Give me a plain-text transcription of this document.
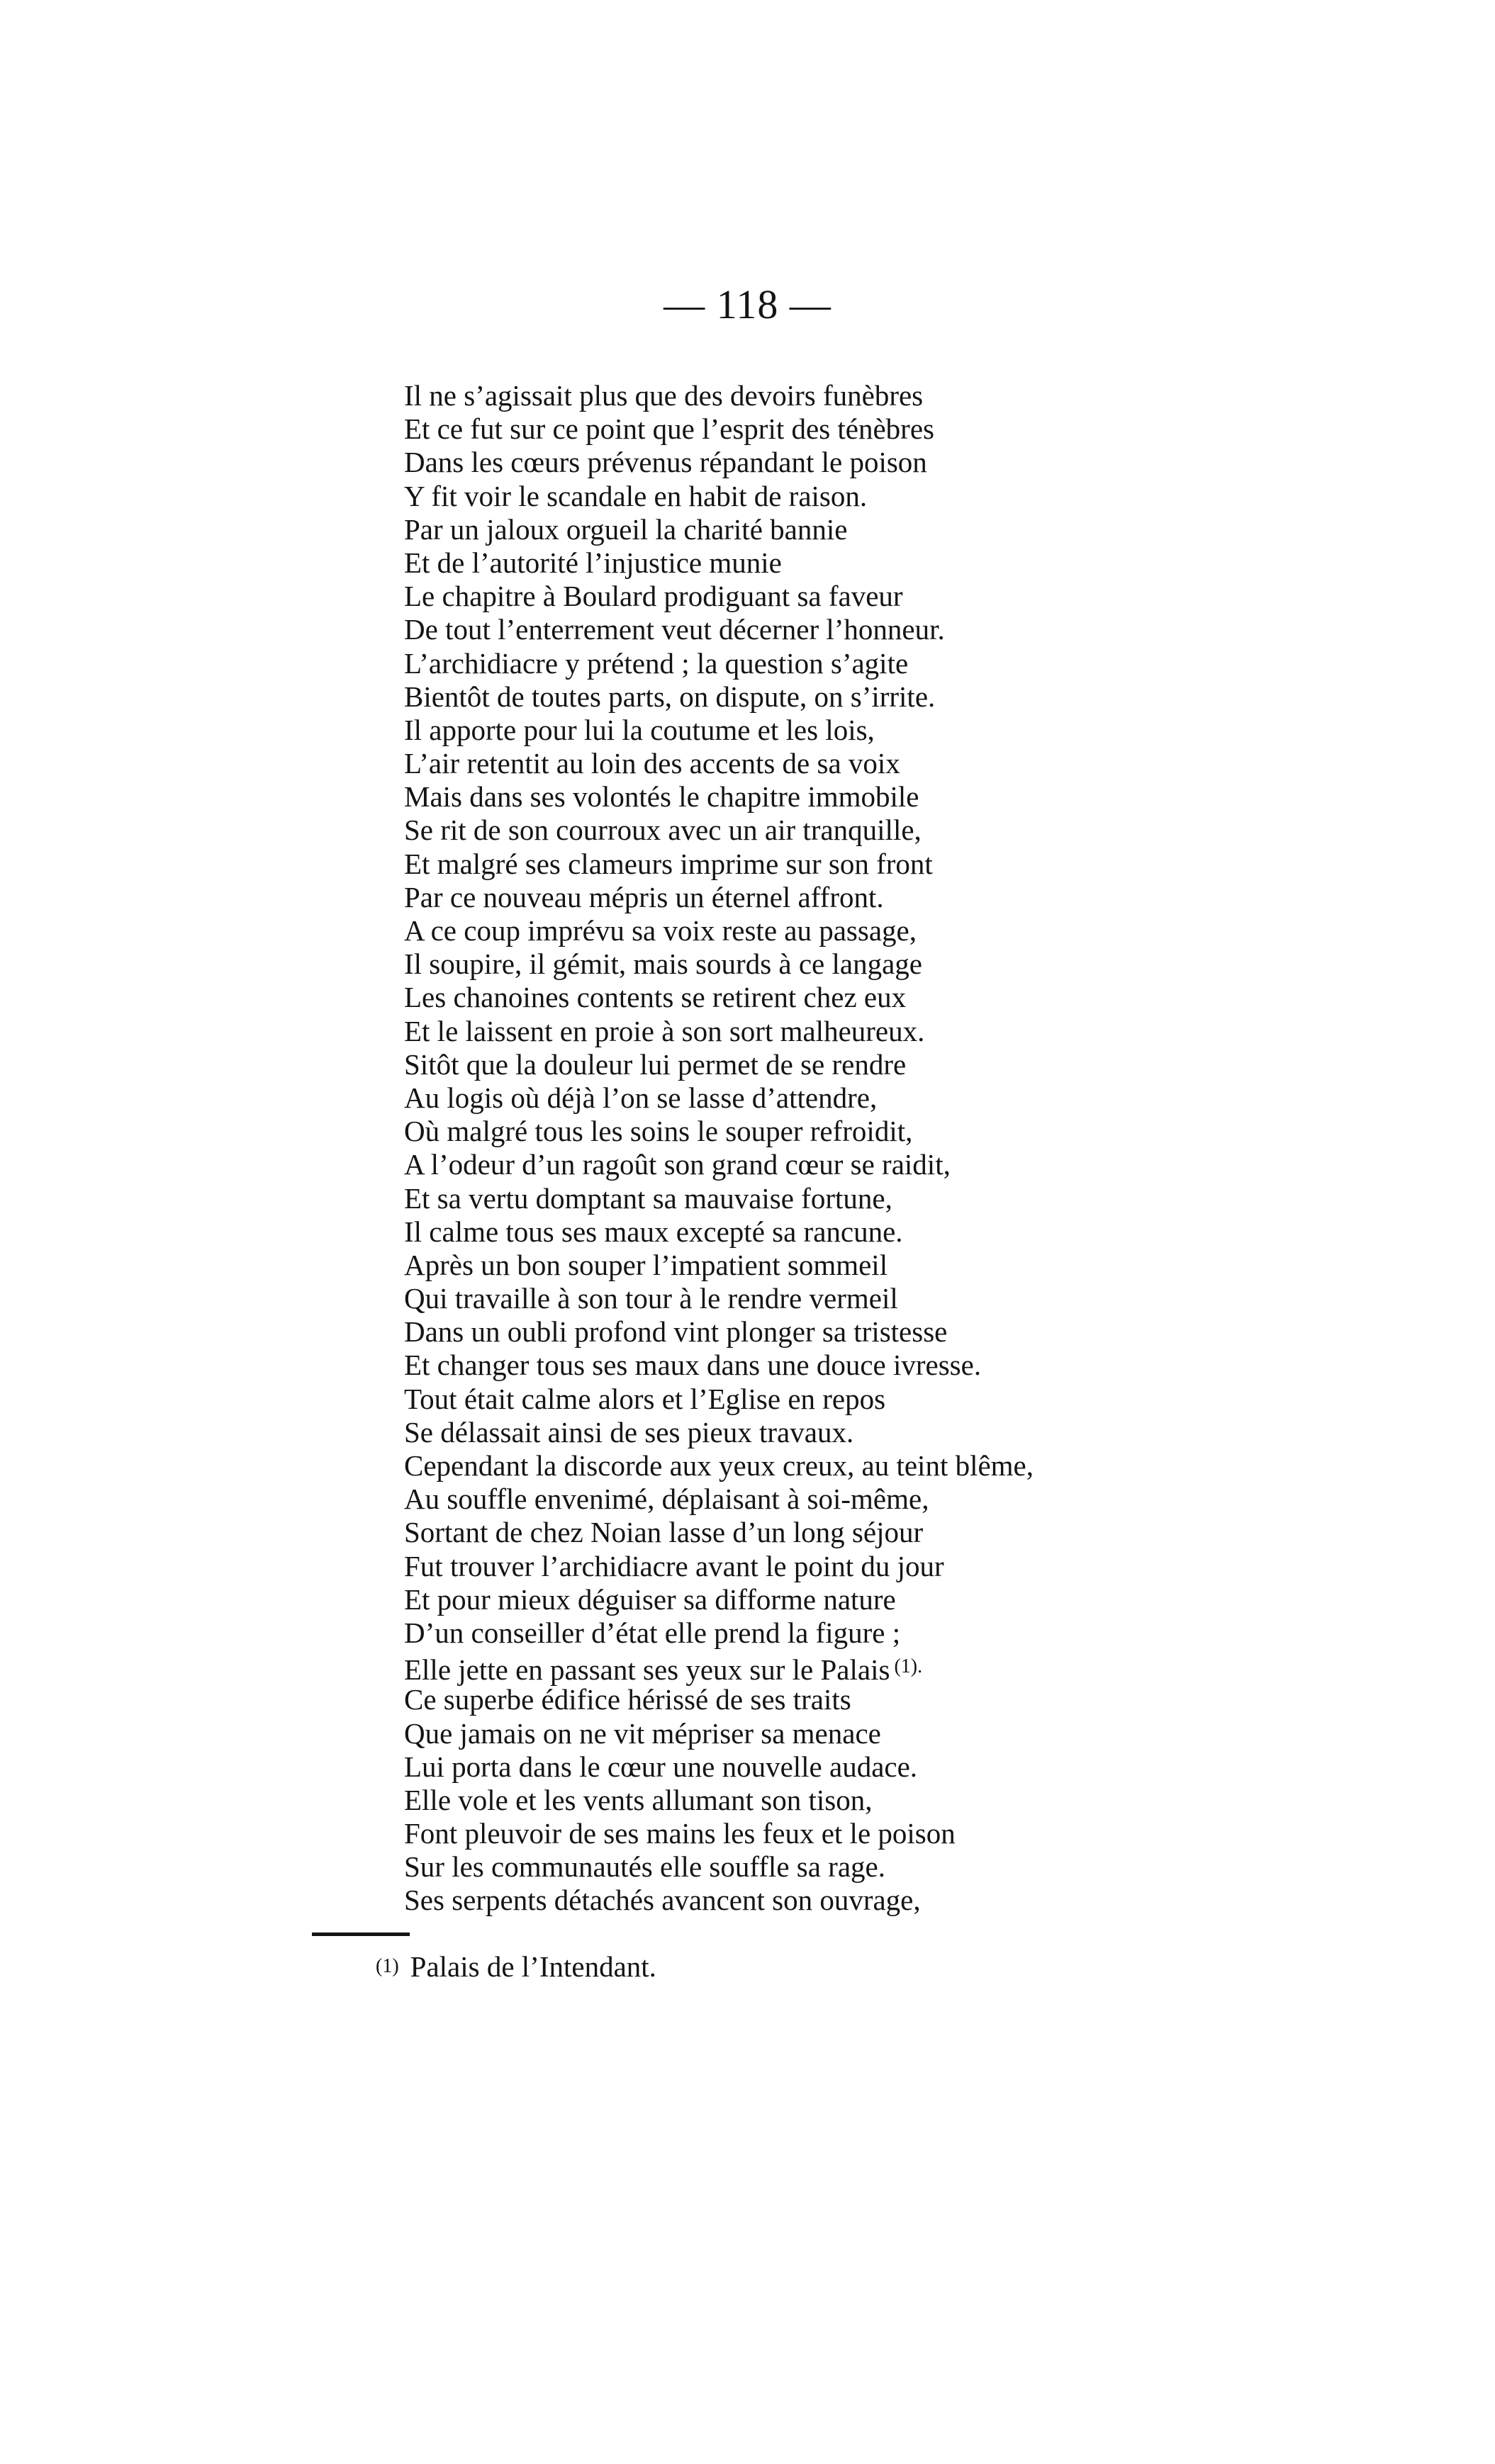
— 118 —
Il ne s’agissait plus que des devoirs funèbres
Et ce fut sur ce point que l’esprit des ténèbres
Dans les cœurs prévenus répandant le poison
Y fit voir le scandale en habit de raison.
Par un jaloux orgueil la charité bannie
Et de l’autorité l’injustice munie
Le chapitre à Boulard prodiguant sa faveur
De tout l’enterrement veut décerner l’honneur.
L’archidiacre y prétend ; la question s’agite
Bientôt de toutes parts, on dispute, on s’irrite.
Il apporte pour lui la coutume et les lois,
L’air retentit au loin des accents de sa voix
Mais dans ses volontés le chapitre immobile
Se rit de son courroux avec un air tranquille,
Et malgré ses clameurs imprime sur son front
Par ce nouveau mépris un éternel affront.
A ce coup imprévu sa voix reste au passage,
Il soupire, il gémit, mais sourds à ce langage
Les chanoines contents se retirent chez eux
Et le laissent en proie à son sort malheureux.
Sitôt que la douleur lui permet de se rendre
Au logis où déjà l’on se lasse d’attendre,
Où malgré tous les soins le souper refroidit,
A l’odeur d’un ragoût son grand cœur se raidit,
Et sa vertu domptant sa mauvaise fortune,
Il calme tous ses maux excepté sa rancune.
Après un bon souper l’impatient sommeil
Qui travaille à son tour à le rendre vermeil
Dans un oubli profond vint plonger sa tristesse
Et changer tous ses maux dans une douce ivresse.
Tout était calme alors et l’Eglise en repos
Se délassait ainsi de ses pieux travaux.
Cependant la discorde aux yeux creux, au teint blême,
Au souffle envenimé, déplaisant à soi-même,
Sortant de chez Noian lasse d’un long séjour
Fut trouver l’archidiacre avant le point du jour
Et pour mieux déguiser sa difforme nature
D’un conseiller d’état elle prend la figure ;
Elle jette en passant ses yeux sur le Palais $^{(1).}$
Ce superbe édifice hérissé de ses traits
Que jamais on ne vit mépriser sa menace
Lui porta dans le cœur une nouvelle audace.
Elle vole et les vents allumant son tison,
Font pleuvoir de ses mains les feux et le poison
Sur les communautés elle souffle sa rage.
Ses serpents détachés avancent son ouvrage,
(1) Palais de l’Intendant.
